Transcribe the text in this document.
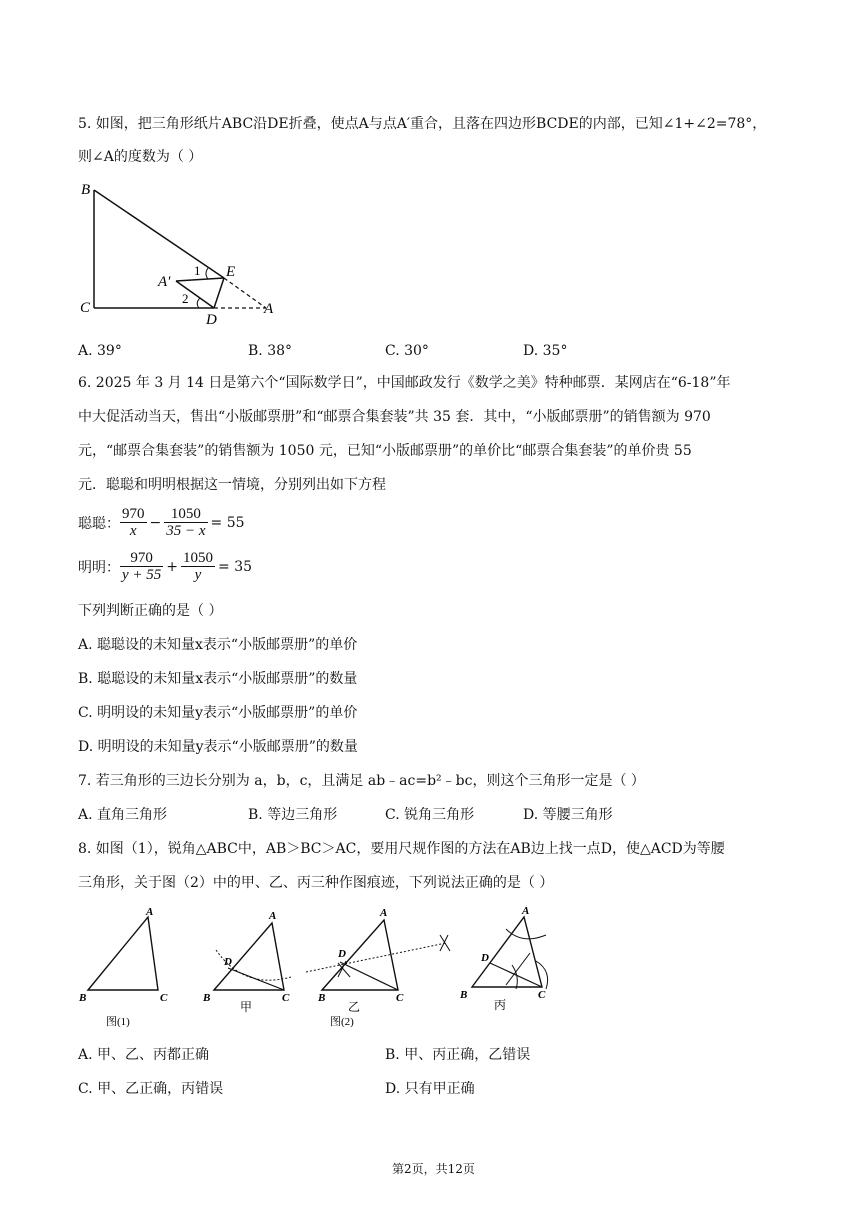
5. 如图，把三角形纸片ABC沿DE折叠，使点A与点A′重合，且落在四边形BCDE的内部，已知∠1+∠2=78°，
则∠A的度数为（ ）
B
C
D
E
A
A′
1
2
A. 39°	B. 38°	C. 30°	D. 35°
6. 2025 年 3 月 14 日是第六个“国际数学日”，中国邮政发行《数学之美》特种邮票．某网店在“6-18”年
中大促活动当天，售出“小版邮票册”和“邮票合集套装”共 35 套．其中，“小版邮票册”的销售额为 970
元，“邮票合集套装”的销售额为 1050 元，已知“小版邮票册”的单价比“邮票合集套装”的单价贵 55
元．聪聪和明明根据这一情境，分别列出如下方程
聪聪： $\frac{970}{x} - \frac{1050}{35 - x} = 55$
明明： $\frac{970}{y + 55} + \frac{1050}{y} = 35$
下列判断正确的是（ ）
A. 聪聪设的未知量x表示“小版邮票册”的单价
B. 聪聪设的未知量x表示“小版邮票册”的数量
C. 明明设的未知量y表示“小版邮票册”的单价
D. 明明设的未知量y表示“小版邮票册”的数量
7. 若三角形的三边长分别为 a，b，c，且满足 ab﹣ac=b²﹣bc，则这个三角形一定是（ ）
A. 直角三角形	B. 等边三角形	C. 锐角三角形	D. 等腰三角形
8. 如图（1），锐角△ABC中，AB＞BC＞AC，要用尺规作图的方法在AB边上找一点D，使△ACD为等腰
三角形，关于图（2）中的甲、乙、丙三种作图痕迹，下列说法正确的是（ ）
A
B	C
图(1)
A
D
B	C
甲
A
D
B	C
乙
图(2)
A
D
B	C
丙
A. 甲、乙、丙都正确	B. 甲、丙正确，乙错误
C. 甲、乙正确，丙错误	D. 只有甲正确
第2页，共12页
